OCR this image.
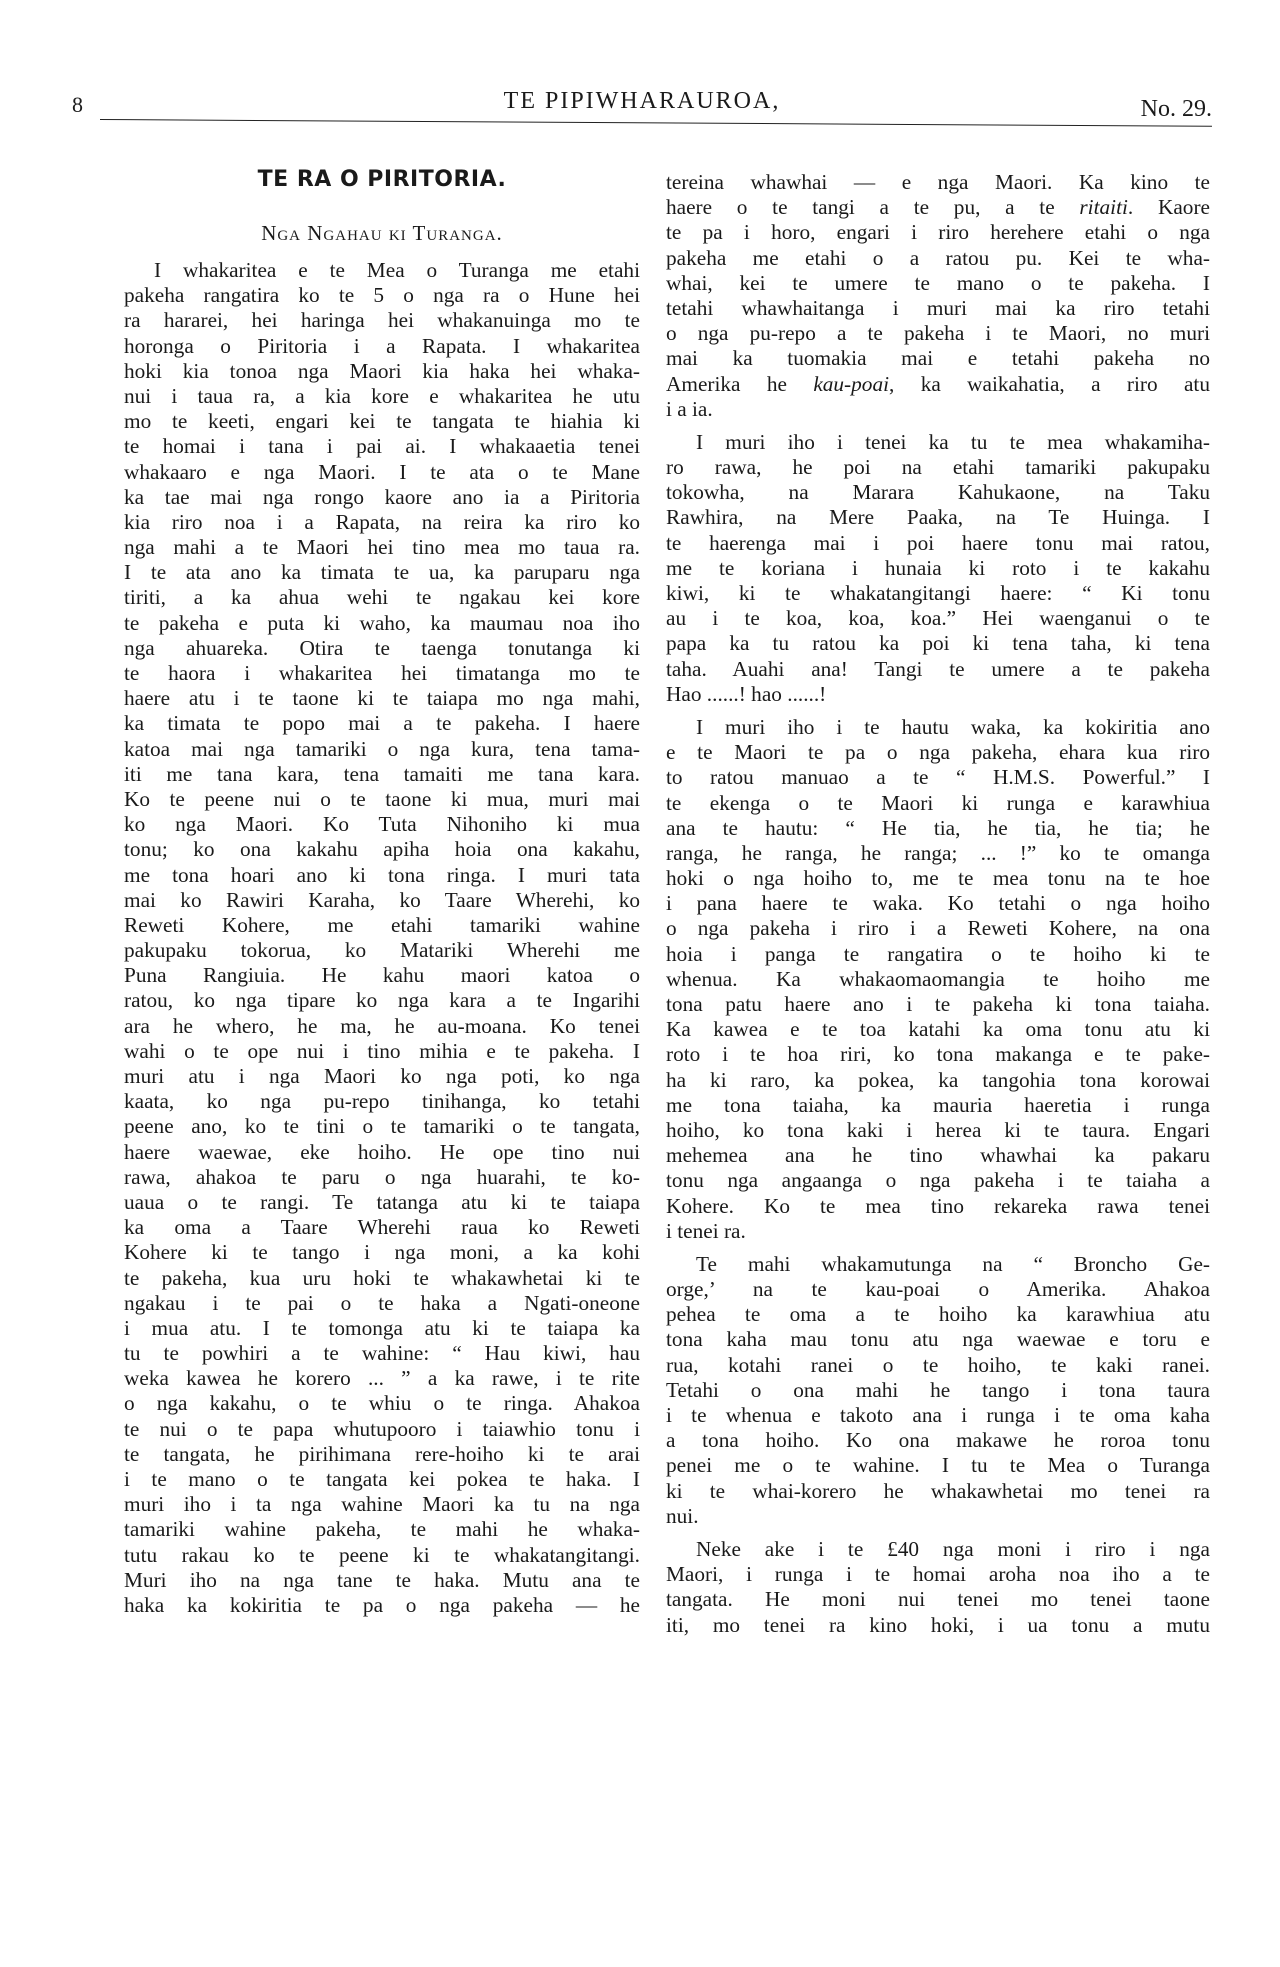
8	TE PIPIWHARAUROA,	No. 29.
TE RA O PIRITORIA.
Nga Ngahau ki Turanga.
I whakaritea e te Mea o Turanga me etahi
pakeha rangatira ko te 5 o nga ra o Hune hei
ra hararei, hei haringa hei whakanuinga mo te
horonga o Piritoria i a Rapata. I whakaritea
hoki kia tonoa nga Maori kia haka hei whaka-
nui i taua ra, a kia kore e whakaritea he utu
mo te keeti, engari kei te tangata te hiahia ki
te homai i tana i pai ai. I whakaaetia tenei
whakaaro e nga Maori. I te ata o te Mane
ka tae mai nga rongo kaore ano ia a Piritoria
kia riro noa i a Rapata, na reira ka riro ko
nga mahi a te Maori hei tino mea mo taua ra.
I te ata ano ka timata te ua, ka paruparu nga
tiriti, a ka ahua wehi te ngakau kei kore
te pakeha e puta ki waho, ka maumau noa iho
nga ahuareka. Otira te taenga tonutanga ki
te haora i whakaritea hei timatanga mo te
haere atu i te taone ki te taiapa mo nga mahi,
ka timata te popo mai a te pakeha. I haere
katoa mai nga tamariki o nga kura, tena tama-
iti me tana kara, tena tamaiti me tana kara.
Ko te peene nui o te taone ki mua, muri mai
ko nga Maori. Ko Tuta Nihoniho ki mua
tonu; ko ona kakahu apiha hoia ona kakahu,
me tona hoari ano ki tona ringa. I muri tata
mai ko Rawiri Karaha, ko Taare Wherehi, ko
Reweti Kohere, me etahi tamariki wahine
pakupaku tokorua, ko Matariki Wherehi me
Puna Rangiuia. He kahu maori katoa o
ratou, ko nga tipare ko nga kara a te Ingarihi
ara he whero, he ma, he au-moana. Ko tenei
wahi o te ope nui i tino mihia e te pakeha. I
muri atu i nga Maori ko nga poti, ko nga
kaata, ko nga pu-repo tinihanga, ko tetahi
peene ano, ko te tini o te tamariki o te tangata,
haere waewae, eke hoiho. He ope tino nui
rawa, ahakoa te paru o nga huarahi, te ko-
uaua o te rangi. Te tatanga atu ki te taiapa
ka oma a Taare Wherehi raua ko Reweti
Kohere ki te tango i nga moni, a ka kohi
te pakeha, kua uru hoki te whakawhetai ki te
ngakau i te pai o te haka a Ngati-oneone
i mua atu. I te tomonga atu ki te taiapa ka
tu te powhiri a te wahine: “ Hau kiwi, hau
weka kawea he korero ... ” a ka rawe, i te rite
o nga kakahu, o te whiu o te ringa. Ahakoa
te nui o te papa whutupooro i taiawhio tonu i
te tangata, he pirihimana rere-hoiho ki te arai
i te mano o te tangata kei pokea te haka. I
muri iho i ta nga wahine Maori ka tu na nga
tamariki wahine pakeha, te mahi he whaka-
tutu rakau ko te peene ki te whakatangitangi.
Muri iho na nga tane te haka. Mutu ana te
haka ka kokiritia te pa o nga pakeha — he
tereina whawhai — e nga Maori. Ka kino te
haere o te tangi a te pu, a te ritaiti. Kaore
te pa i horo, engari i riro herehere etahi o nga
pakeha me etahi o a ratou pu. Kei te wha-
whai, kei te umere te mano o te pakeha. I
tetahi whawhaitanga i muri mai ka riro tetahi
o nga pu-repo a te pakeha i te Maori, no muri
mai ka tuomakia mai e tetahi pakeha no
Amerika he kau-poai, ka waikahatia, a riro atu
i a ia.
I muri iho i tenei ka tu te mea whakamiha-
ro rawa, he poi na etahi tamariki pakupaku
tokowha, na Marara Kahukaone, na Taku
Rawhira, na Mere Paaka, na Te Huinga. I
te haerenga mai i poi haere tonu mai ratou,
me te koriana i hunaia ki roto i te kakahu
kiwi, ki te whakatangitangi haere: “ Ki tonu
au i te koa, koa, koa.” Hei waenganui o te
papa ka tu ratou ka poi ki tena taha, ki tena
taha. Auahi ana! Tangi te umere a te pakeha
Hao ......! hao ......!
I muri iho i te hautu waka, ka kokiritia ano
e te Maori te pa o nga pakeha, ehara kua riro
to ratou manuao a te “ H.M.S. Powerful.” I
te ekenga o te Maori ki runga e karawhiua
ana te hautu: “ He tia, he tia, he tia; he
ranga, he ranga, he ranga; ... !” ko te omanga
hoki o nga hoiho to, me te mea tonu na te hoe
i pana haere te waka. Ko tetahi o nga hoiho
o nga pakeha i riro i a Reweti Kohere, na ona
hoia i panga te rangatira o te hoiho ki te
whenua. Ka whakaomaomangia te hoiho me
tona patu haere ano i te pakeha ki tona taiaha.
Ka kawea e te toa katahi ka oma tonu atu ki
roto i te hoa riri, ko tona makanga e te pake-
ha ki raro, ka pokea, ka tangohia tona korowai
me tona taiaha, ka mauria haeretia i runga
hoiho, ko tona kaki i herea ki te taura. Engari
mehemea ana he tino whawhai ka pakaru
tonu nga angaanga o nga pakeha i te taiaha a
Kohere. Ko te mea tino rekareka rawa tenei
i tenei ra.
Te mahi whakamutunga na “ Broncho Ge-
orge,’ na te kau-poai o Amerika. Ahakoa
pehea te oma a te hoiho ka karawhiua atu
tona kaha mau tonu atu nga waewae e toru e
rua, kotahi ranei o te hoiho, te kaki ranei.
Tetahi o ona mahi he tango i tona taura
i te whenua e takoto ana i runga i te oma kaha
a tona hoiho. Ko ona makawe he roroa tonu
penei me o te wahine. I tu te Mea o Turanga
ki te whai-korero he whakawhetai mo tenei ra
nui.
Neke ake i te £40 nga moni i riro i nga
Maori, i runga i te homai aroha noa iho a te
tangata. He moni nui tenei mo tenei taone
iti, mo tenei ra kino hoki, i ua tonu a mutu
